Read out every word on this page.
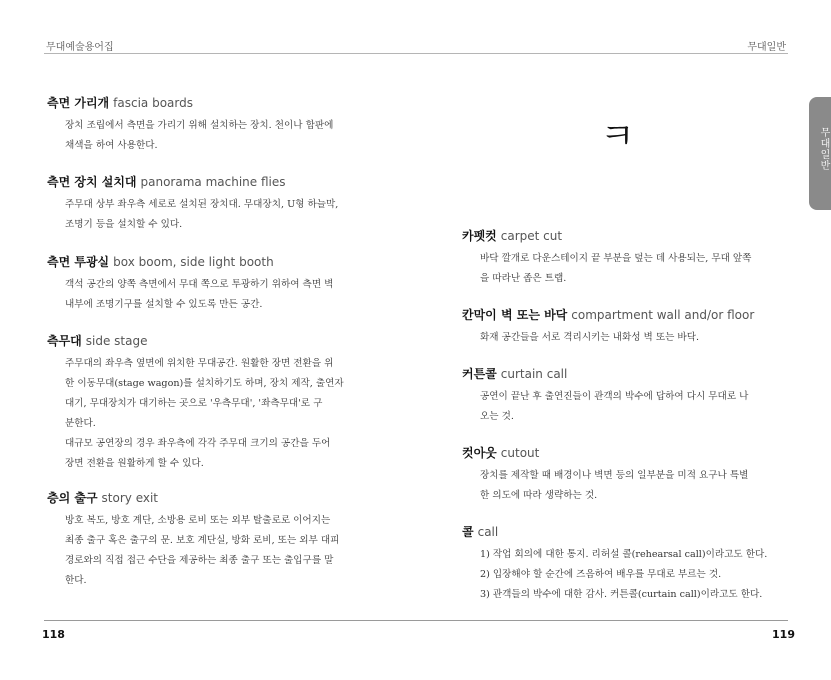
무대예술용어집	무대일반
무대일반
ㅋ
측면 가리개 fascia boards

장치 조립에서 측면을 가리기 위해 설치하는 장치. 천이나 합판에

채색을 하여 사용한다.

측면 장치 설치대 panorama machine flies

주무대 상부 좌우측 세로로 설치된 장치대. 무대장치, U형 하늘막,

조명기 등을 설치할 수 있다.

측면 투광실 box boom, side light booth

객석 공간의 양쪽 측면에서 무대 쪽으로 투광하기 위하여 측면 벽

내부에 조명기구를 설치할 수 있도록 만든 공간.

측무대 side stage

주무대의 좌우측 옆면에 위치한 무대공간. 원활한 장면 전환을 위

한 이동무대(stage wagon)를 설치하기도 하며, 장치 제작, 출연자

대기, 무대장치가 대기하는 곳으로 '우측무대', '좌측무대'로 구

분한다.

대규모 공연장의 경우 좌우측에 각각 주무대 크기의 공간을 두어

장면 전환을 원활하게 할 수 있다.

층의 출구 story exit

방호 복도, 방호 계단, 소방용 로비 또는 외부 탈출로로 이어지는

최종 출구 혹은 출구의 문. 보호 계단실, 방화 로비, 또는 외부 대피

경로와의 직접 접근 수단을 제공하는 최종 출구 또는 출입구를 말

한다.

카펫컷 carpet cut

바닥 깔개로 다운스테이지 끝 부분을 덮는 데 사용되는, 무대 앞쪽

을 따라난 좁은 트랩.

칸막이 벽 또는 바닥 compartment wall and/or floor

화재 공간들을 서로 격리시키는 내화성 벽 또는 바닥.

커튼콜 curtain call

공연이 끝난 후 출연진들이 관객의 박수에 답하여 다시 무대로 나

오는 것.

컷아웃 cutout

장치를 제작할 때 배경이나 벽면 등의 일부분을 미적 요구나 특별

한 의도에 따라 생략하는 것.

콜 call
1) 작업 회의에 대한 통지. 리허설 콜(rehearsal call)이라고도 한다.
2) 입장해야 할 순간에 즈음하여 배우를 무대로 부르는 것.
3) 관객들의 박수에 대한 감사. 커튼콜(curtain call)이라고도 한다.
118	119
